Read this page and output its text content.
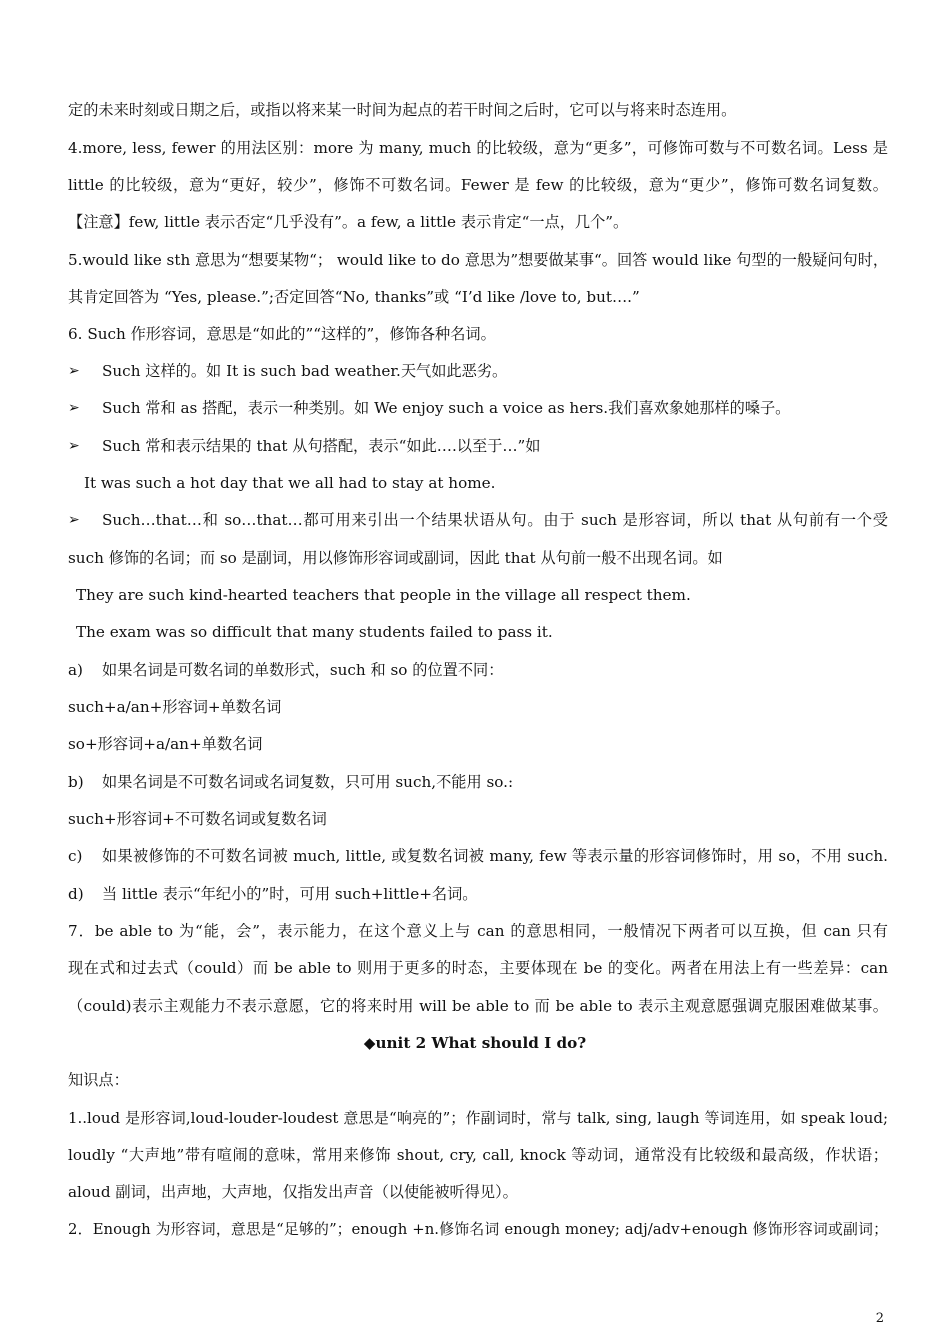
定的未来时刻或日期之后，或指以将来某一时间为起点的若干时间之后时，它可以与将来时态连用。
4.more, less, fewer 的用法区别：more 为 many, much 的比较级，意为“更多”，可修饰可数与不可数名词。Less 是
little 的比较级，意为“更好，较少”，修饰不可数名词。Fewer 是 few 的比较级，意为“更少”，修饰可数名词复数。
【注意】few, little 表示否定“几乎没有”。a few, a little 表示肯定“一点，几个”。
5.would like sth 意思为“想要某物“； would like to do 意思为”想要做某事“。回答 would like 句型的一般疑问句时，
其肯定回答为 “Yes, please.”;否定回答“No, thanks”或 “I’d like /love to, but….”
6. Such 作形容词，意思是“如此的”“这样的”，修饰各种名词。
➢ Such 这样的。如 It is such bad weather.天气如此恶劣。
➢ Such 常和 as 搭配，表示一种类别。如 We enjoy such a voice as hers.我们喜欢象她那样的嗓子。
➢ Such 常和表示结果的 that 从句搭配，表示“如此….以至于…”如
It was such a hot day that we all had to stay at home.
➢ Such…that…和 so…that…都可用来引出一个结果状语从句。由于 such 是形容词，所以 that 从句前有一个受
such 修饰的名词；而 so 是副词，用以修饰形容词或副词，因此 that 从句前一般不出现名词。如
They are such kind-hearted teachers that people in the village all respect them.
The exam was so difficult that many students failed to pass it.
a)	如果名词是可数名词的单数形式，such 和 so 的位置不同：
such+a/an+形容词+单数名词
so+形容词+a/an+单数名词
b)	如果名词是不可数名词或名词复数，只可用 such,不能用 so.:
such+形容词+不可数名词或复数名词
c)	如果被修饰的不可数名词被 much, little, 或复数名词被 many, few 等表示量的形容词修饰时，用 so，不用 such.
d)	当 little 表示“年纪小的”时，可用 such+little+名词。
7．be able to 为“能，会”，表示能力，在这个意义上与 can 的意思相同，一般情况下两者可以互换，但 can 只有
现在式和过去式（could）而 be able to 则用于更多的时态，主要体现在 be 的变化。两者在用法上有一些差异：can
（could)表示主观能力不表示意愿，它的将来时用 will be able to 而 be able to 表示主观意愿强调克服困难做某事。
◆unit 2 What should I do?
知识点：
1..loud 是形容词,loud-louder-loudest 意思是“响亮的”；作副词时，常与 talk, sing, laugh 等词连用，如 speak loud;
loudly “大声地”带有喧闹的意味，常用来修饰 shout, cry, call, knock 等动词，通常没有比较级和最高级，作状语；
aloud 副词，出声地，大声地，仅指发出声音（以使能被听得见）。
2．Enough 为形容词，意思是“足够的”；enough +n.修饰名词 enough money; adj/adv+enough 修饰形容词或副词；
2
